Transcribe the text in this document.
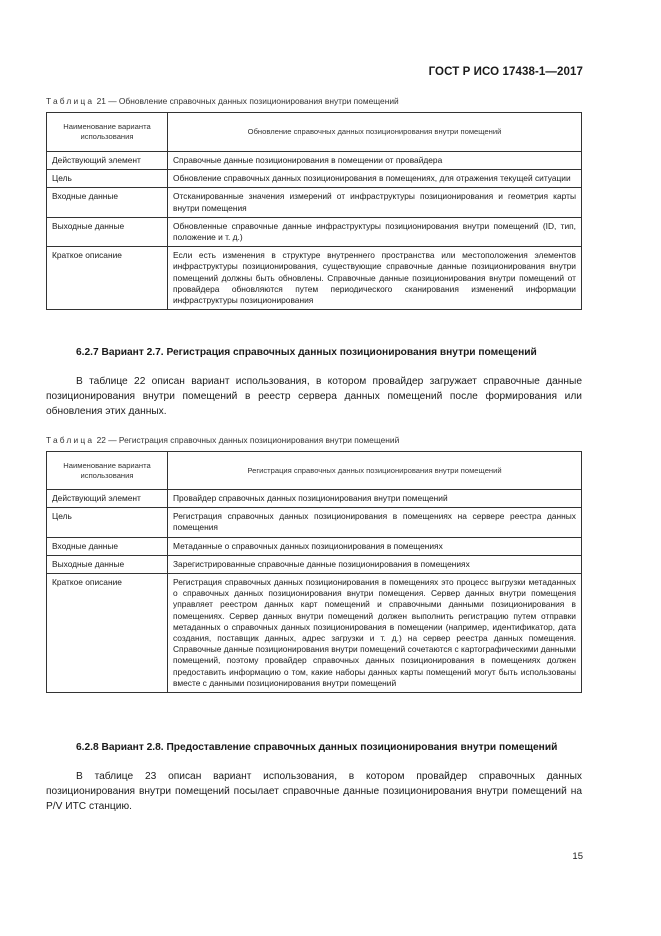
ГОСТ Р ИСО 17438-1—2017
Таблица 21 — Обновление справочных данных позиционирования внутри помещений
Наименование варианта использования	Обновление справочных данных позиционирования внутри помещений
Действующий элемент	Справочные данные позиционирования в помещении от провайдера
Цель	Обновление справочных данных позиционирования в помещениях, для отражения текущей ситуации
Входные данные	Отсканированные значения измерений от инфраструктуры позиционирования и геометрия карты внутри помещения
Выходные данные	Обновленные справочные данные инфраструктуры позиционирования внутри помещений (ID, тип, положение и т. д.)
Краткое описание	Если есть изменения в структуре внутреннего пространства или местоположения элементов инфраструктуры позиционирования, существующие справочные данные позиционирования внутри помещений должны быть обновлены. Справочные данные позиционирования внутри помещений от провайдера обновляются путем периодического сканирования изменений информации инфраструктуры позиционирования
6.2.7 Вариант 2.7. Регистрация справочных данных позиционирования внутри помещений
В таблице 22 описан вариант использования, в котором провайдер загружает справочные данные позиционирования внутри помещений в реестр сервера данных помещений после формирования или обновления этих данных.
Таблица 22 — Регистрация справочных данных позиционирования внутри помещений
Наименование варианта использования	Регистрация справочных данных позиционирования внутри помещений
Действующий элемент	Провайдер справочных данных позиционирования внутри помещений
Цель	Регистрация справочных данных позиционирования в помещениях на сервере реестра данных помещения
Входные данные	Метаданные о справочных данных позиционирования в помещениях
Выходные данные	Зарегистрированные справочные данные позиционирования в помещениях
Краткое описание	Регистрация справочных данных позиционирования в помещениях это процесс выгрузки метаданных о справочных данных позиционирования внутри помещения. Сервер данных внутри помещения управляет реестром данных карт помещений и справочными данными позиционирования в помещениях. Сервер данных внутри помещений должен выполнить регистрацию путем отправки метаданных о справочных данных позиционирования в помещении (например, идентификатор, дата создания, поставщик данных, адрес загрузки и т. д.) на сервер реестра данных помещения. Справочные данные позиционирования внутри помещений сочетаются с картографическими данными помещений, поэтому провайдер справочных данных позиционирования в помещениях должен предоставить информацию о том, какие наборы данных карты помещений могут быть использованы вместе с данными позиционирования внутри помещений
6.2.8 Вариант 2.8. Предоставление справочных данных позиционирования внутри помещений
В таблице 23 описан вариант использования, в котором провайдер справочных данных позиционирования внутри помещений посылает справочные данные позиционирования внутри помещений на P/V ИТС станцию.
15
